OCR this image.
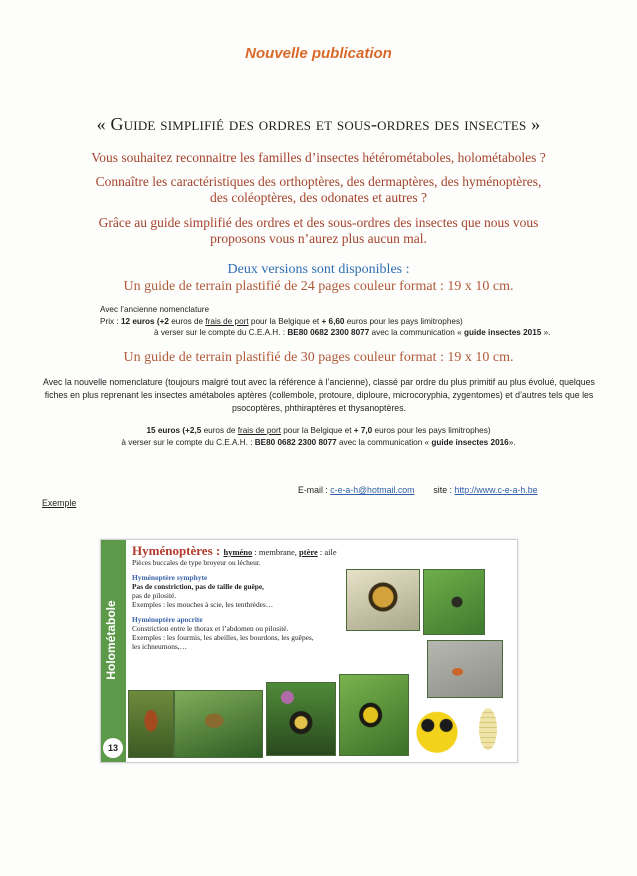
Nouvelle publication
« Guide simplifié des ordres et sous-ordres des insectes »
Vous souhaitez reconnaitre les familles d’insectes hétérométaboles, holométaboles ?
Connaître les caractéristiques des orthoptères, des dermaptères, des hyménoptères,
des coléoptères, des odonates et autres ?
Grâce au guide simplifié des ordres et des sous-ordres des insectes que nous vous
proposons vous n’aurez plus aucun mal.
Deux versions sont disponibles :
Un guide de terrain plastifié de 24 pages couleur format : 19 x 10 cm.
Avec l’ancienne nomenclature
Prix : 12 euros (+2 euros de frais de port pour la Belgique et + 6,60 euros pour les pays limitrophes)
à verser sur le compte du C.E.A.H. : BE80 0682 2300 8077 avec la communication « guide insectes 2015 ».
Un guide de terrain plastifié de 30 pages couleur format : 19 x 10 cm.
Avec la nouvelle nomenclature (toujours malgré tout avec la référence à l’ancienne), classé par ordre du plus primitif au plus évolué, quelques fiches en plus reprenant les insectes amétaboles aptères (collembole, protoure, diploure, microcoryphia, zygentomes) et d’autres tels que les psocoptères, phthiraptères et thysanoptères.
15 euros (+2,5 euros de frais de port pour la Belgique et + 7,0 euros pour les pays limitrophes)
à verser sur le compte du C.E.A.H. : BE80 0682 2300 8077 avec la communication « guide insectes 2016».
E-mail : c-e-a-h@hotmail.com site : http://www.c-e-a-h.be
Exemple
Holométabole
13
Hyménoptères : hyméno : membrane, ptère : aile
Pièces buccales de type broyeur ou lécheur.
Hyménoptère symphyte
Pas de constriction, pas de taille de guêpe,
pas de pilosité.
Exemples : les mouches à scie, les tenthrèdes…
Hyménoptère apocrite
Constriction entre le thorax et l’abdomen ou pilosité.
Exemples : les fourmis, les abeilles, les bourdons, les guêpes,
les ichneumons,…
